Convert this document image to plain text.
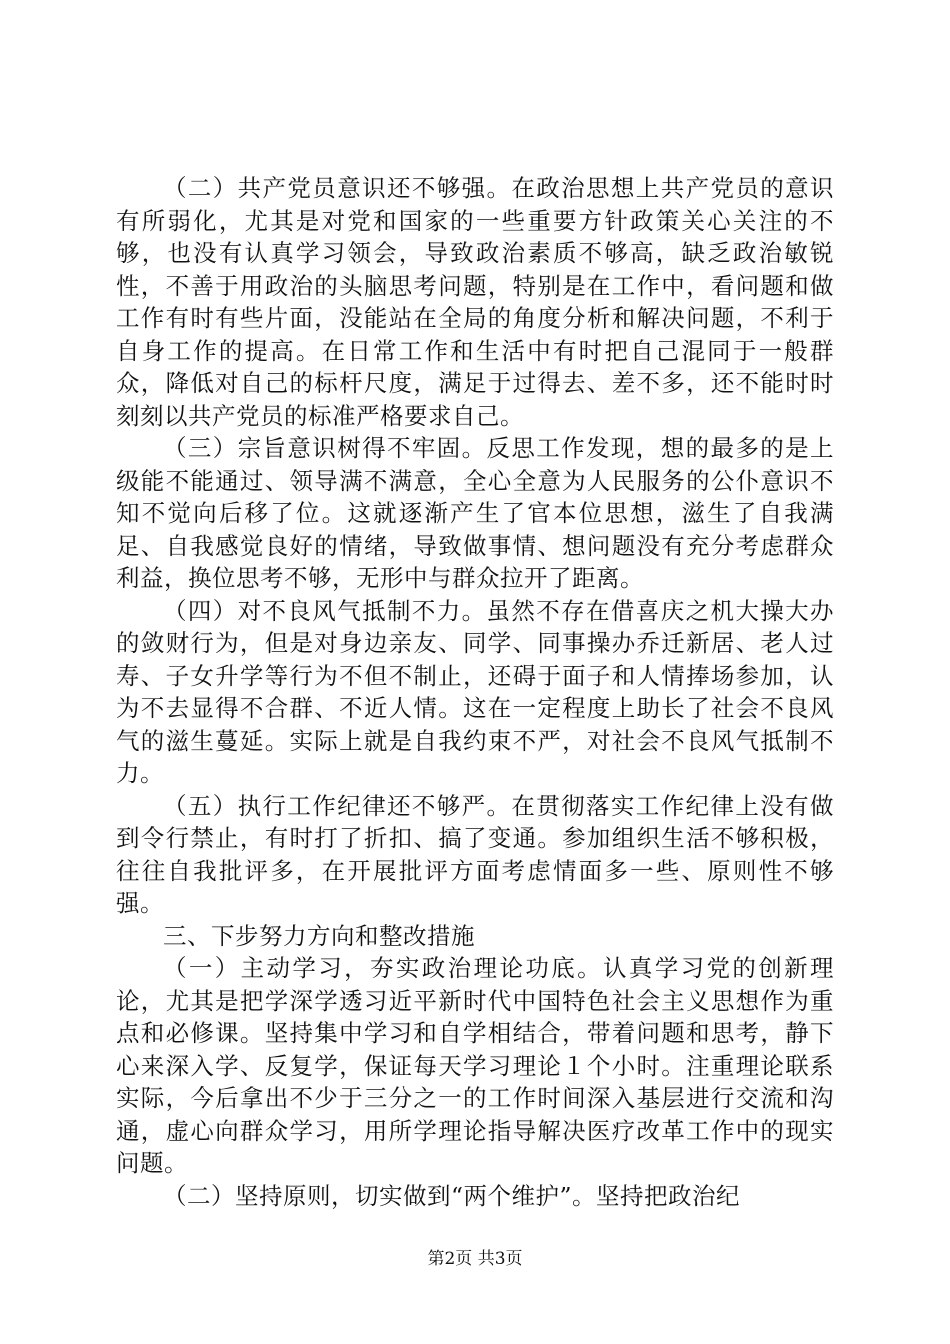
（二）共产党员意识还不够强。在政治思想上共产党员的意识有所弱化，尤其是对党和国家的一些重要方针政策关心关注的不够，也没有认真学习领会，导致政治素质不够高，缺乏政治敏锐性，不善于用政治的头脑思考问题，特别是在工作中，看问题和做工作有时有些片面，没能站在全局的角度分析和解决问题，不利于自身工作的提高。在日常工作和生活中有时把自己混同于一般群众，降低对自己的标杆尺度，满足于过得去、差不多，还不能时时刻刻以共产党员的标准严格要求自己。

（三）宗旨意识树得不牢固。反思工作发现，想的最多的是上级能不能通过、领导满不满意，全心全意为人民服务的公仆意识不知不觉向后移了位。这就逐渐产生了官本位思想，滋生了自我满足、自我感觉良好的情绪，导致做事情、想问题没有充分考虑群众利益，换位思考不够，无形中与群众拉开了距离。

（四）对不良风气抵制不力。虽然不存在借喜庆之机大操大办的敛财行为，但是对身边亲友、同学、同事操办乔迁新居、老人过寿、子女升学等行为不但不制止，还碍于面子和人情捧场参加，认为不去显得不合群、不近人情。这在一定程度上助长了社会不良风气的滋生蔓延。实际上就是自我约束不严，对社会不良风气抵制不力。

（五）执行工作纪律还不够严。在贯彻落实工作纪律上没有做到令行禁止，有时打了折扣、搞了变通。参加组织生活不够积极，往往自我批评多，在开展批评方面考虑情面多一些、原则性不够强。

三、下步努力方向和整改措施

（一）主动学习，夯实政治理论功底。认真学习党的创新理论，尤其是把学深学透习近平新时代中国特色社会主义思想作为重点和必修课。坚持集中学习和自学相结合，带着问题和思考，静下心来深入学、反复学，保证每天学习理论１个小时。注重理论联系实际，今后拿出不少于三分之一的工作时间深入基层进行交流和沟通，虚心向群众学习，用所学理论指导解决医疗改革工作中的现实问题。

（二）坚持原则，切实做到“两个维护”。坚持把政治纪

第2页 共3页
